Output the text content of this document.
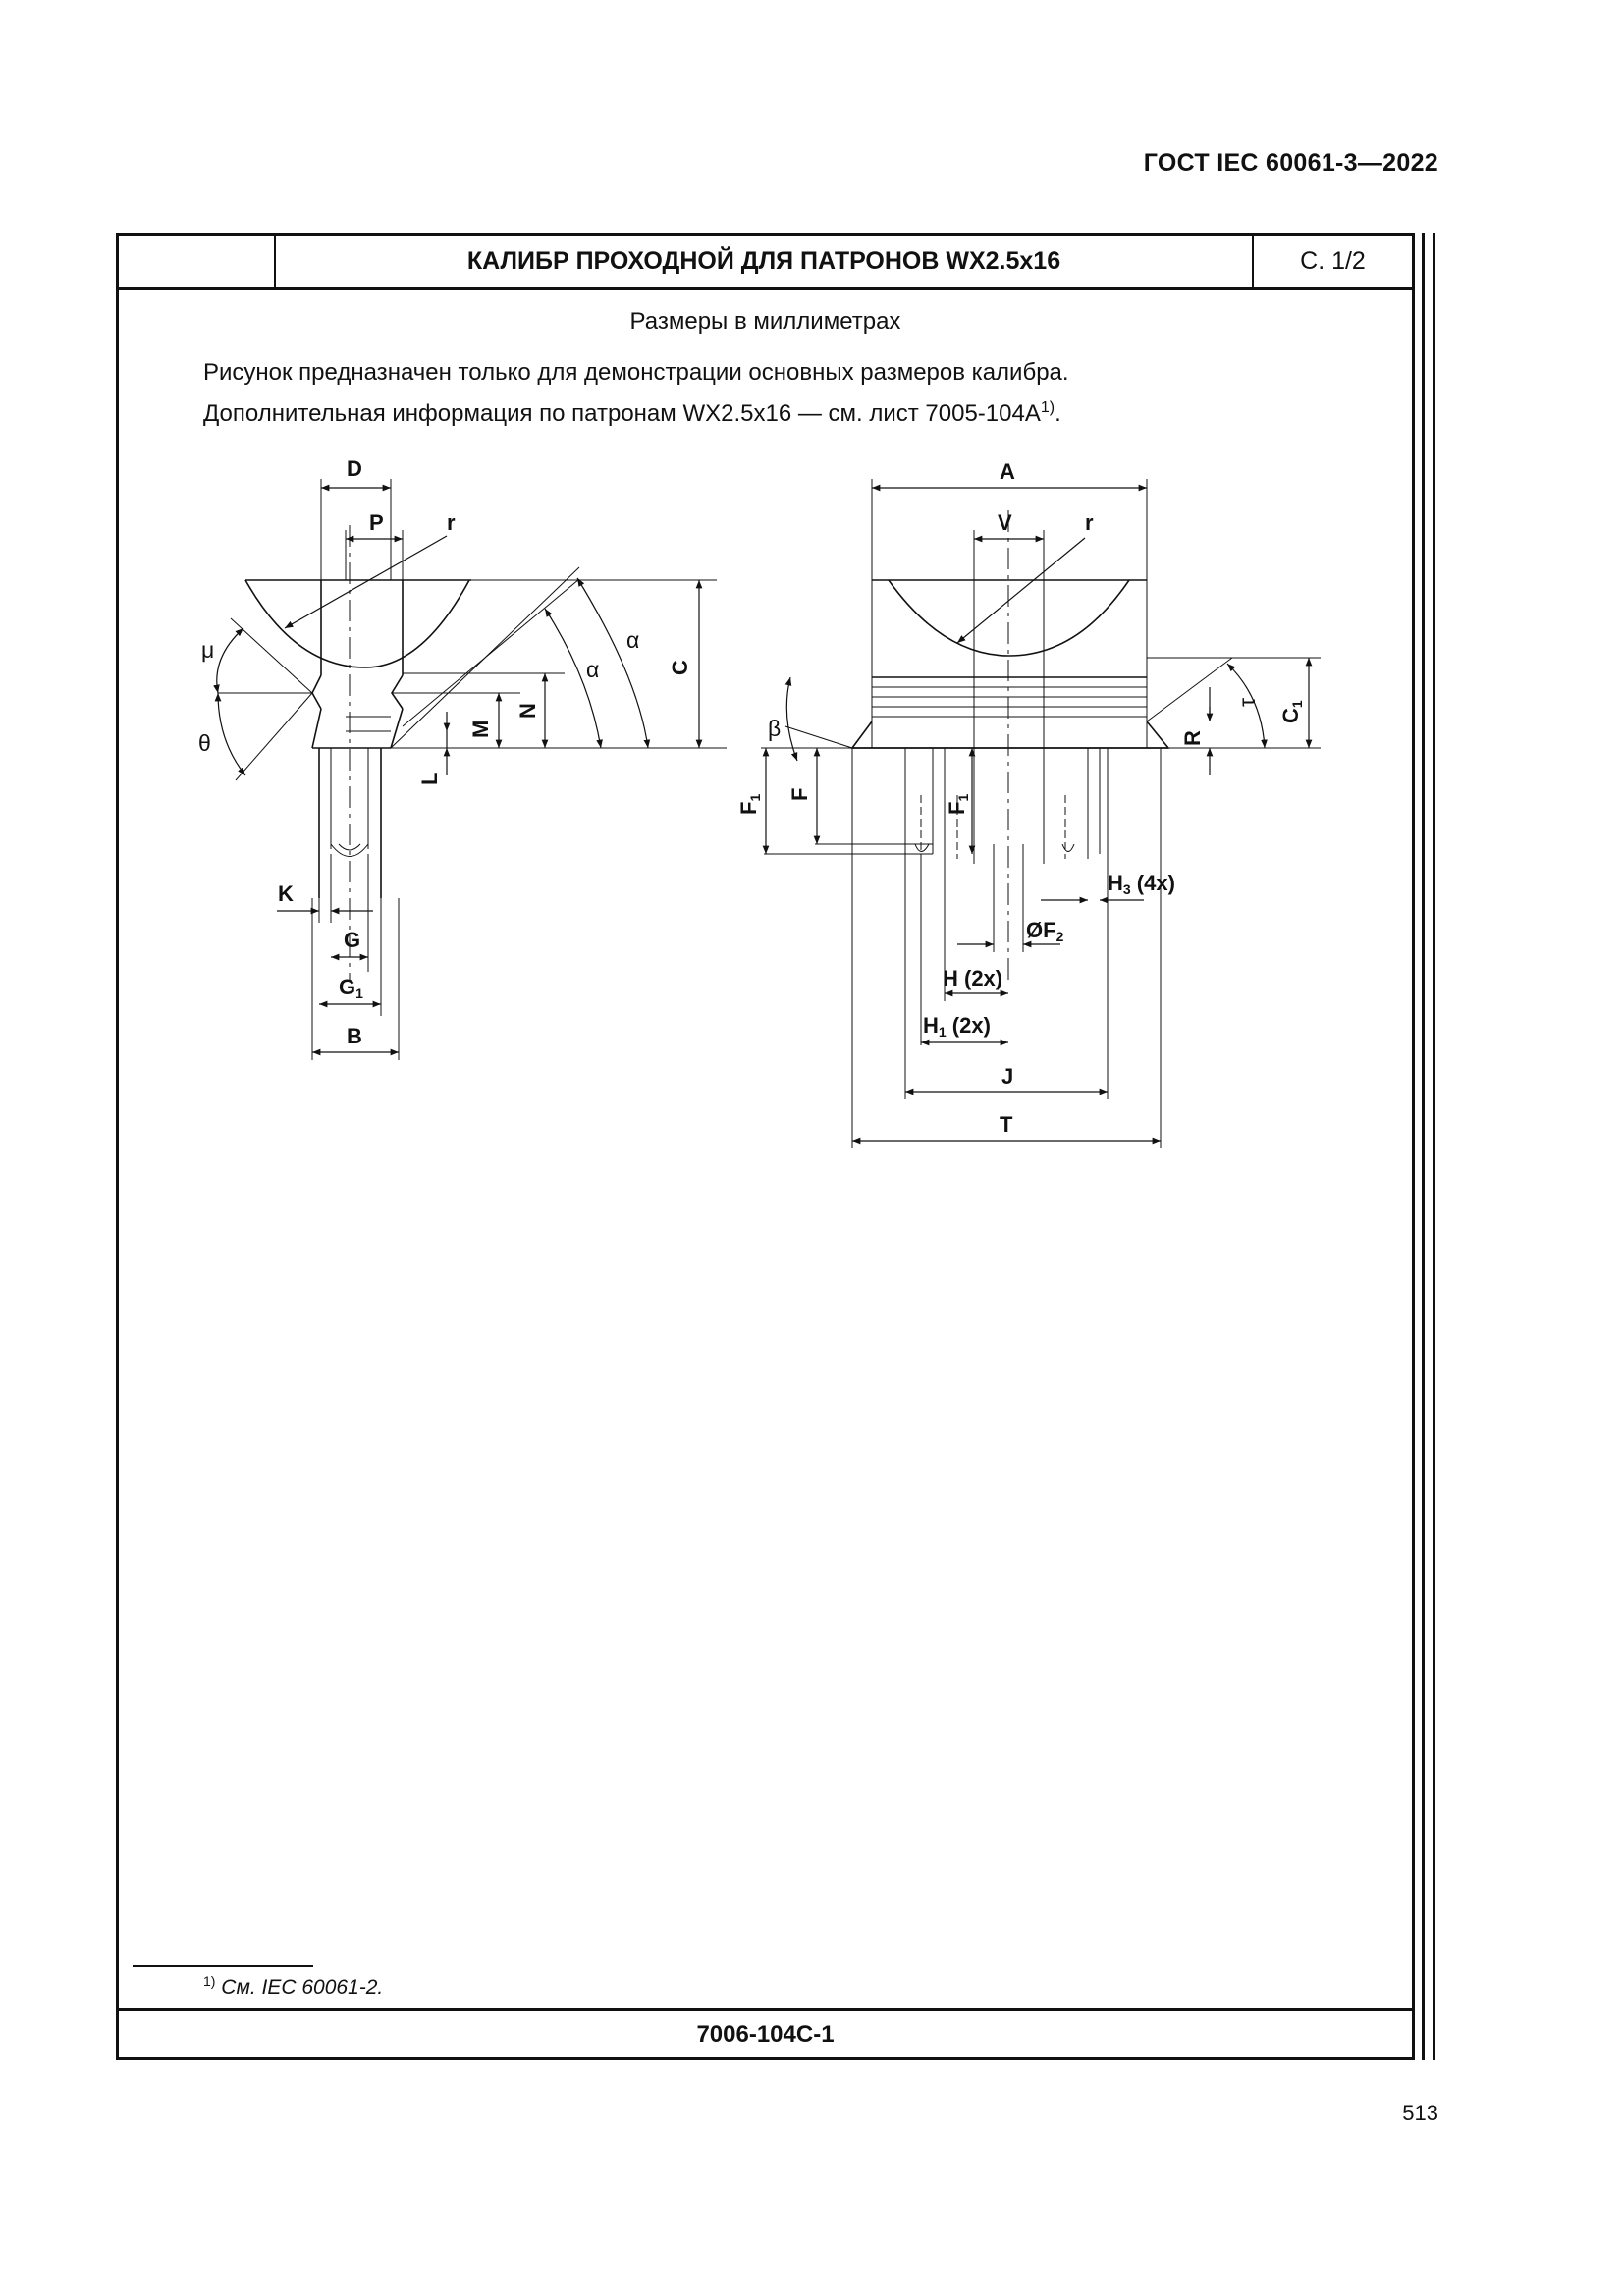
ГОСТ IEC 60061-3—2022
КАЛИБР ПРОХОДНОЙ ДЛЯ ПАТРОНОВ WX2.5x16	С. 1/2
Размеры в миллиметрах
Рисунок предназначен только для демонстрации основных размеров калибра.
Дополнительная информация по патронам WX2.5x16 — см. лист $7005-104A^{1)}$.
$^{1)}$ См. IEC 60061-2.
7006-104С-1
513
D
P	r
μ
θ
α
α	C
M
N
L
K
G
G1
B
A
V	r
β
τ
C1
R
F1 F
F1
H3 (4x)
ØF2
H (2x)
H1 (2x)
J
T
